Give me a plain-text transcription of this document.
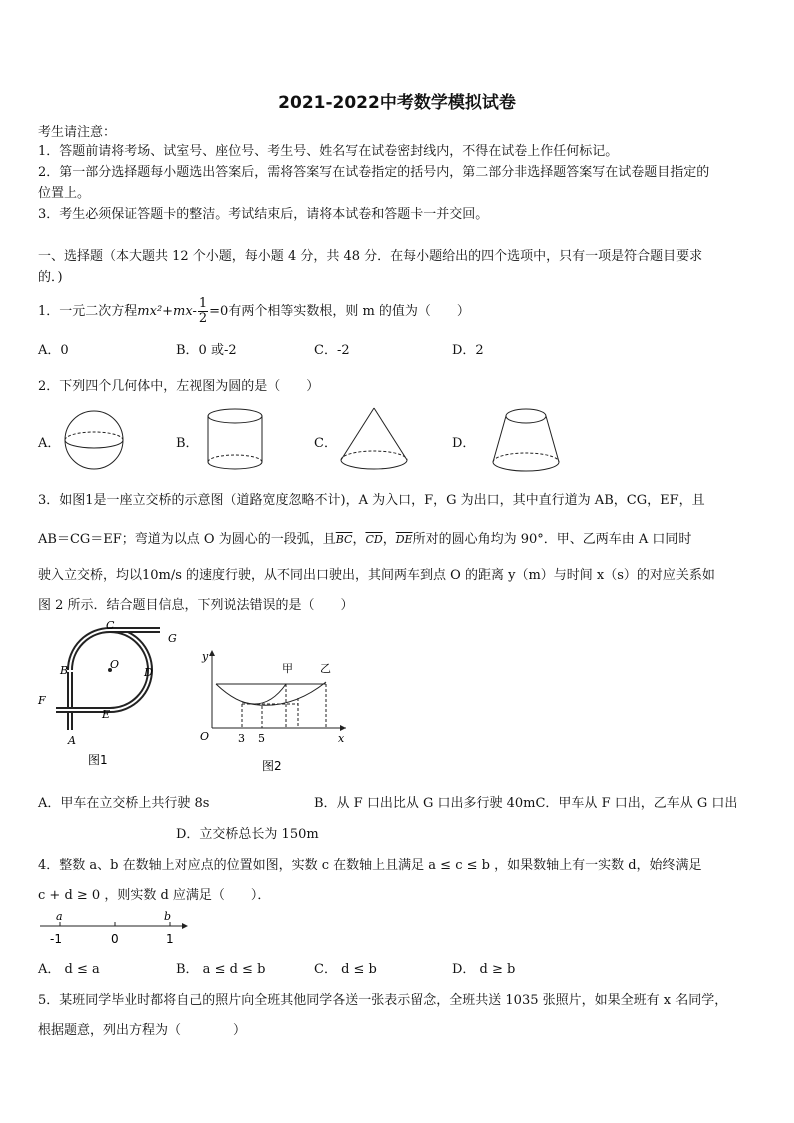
2021-2022中考数学模拟试卷
考生请注意：
1．答题前请将考场、试室号、座位号、考生号、姓名写在试卷密封线内，不得在试卷上作任何标记。
2．第一部分选择题每小题选出答案后，需将答案写在试卷指定的括号内，第二部分非选择题答案写在试卷题目指定的
位置上。
3．考生必须保证答题卡的整洁。考试结束后，请将本试卷和答题卡一并交回。
一、选择题（本大题共 12 个小题，每小题 4 分，共 48 分．在每小题给出的四个选项中，只有一项是符合题目要求
的．)
1．一元二次方程$mx^2+mx- \frac{1}{2} =0$有两个相等实数根，则 m 的值为（　　）
A．0	B．0 或-2	C．-2	D．2
2．下列四个几何体中，左视图为圆的是（　　）
A．	B．	C．	D．
3．如图1是一座立交桥的示意图（道路宽度忽略不计)，A 为入口，F，G 为出口，其中直行道为 AB，CG，EF，且
AB＝CG＝EF；弯道为以点 O 为圆心的一段弧，且$\overline{BC}$，$\overline{CD}$，$\overline{DE}$所对的圆心角均为 90°．甲、乙两车由 A 口同时
驶入立交桥，均以10m/s 的速度行驶，从不同出口驶出，其间两车到点 O 的距离 y（m）与时间 x（s）的对应关系如
图 2 所示．结合题目信息，下列说法错误的是（　　）
C
G
B	O
D
F
E
A
图1
y
x
O	3 5
甲 乙
图2
A．甲车在立交桥上共行驶 8s	B．从 F 口出比从 G 口出多行驶 40mC．甲车从 F 口出，乙车从 G 口出
D．立交桥总长为 150m
4．整数 a、b 在数轴上对应点的位置如图，实数 c 在数轴上且满足 a ≤ c ≤ b ，如果数轴上有一实数 d，始终满足
c + d ≥ 0 ，则实数 d 应满足（　　）．
a	b
-1	0	1
A． d ≤ a	B． a ≤ d ≤ b	C． d ≤ b	D． d ≥ b
5．某班同学毕业时都将自己的照片向全班其他同学各送一张表示留念，全班共送 1035 张照片，如果全班有 x 名同学，
根据题意，列出方程为（　　　　）
